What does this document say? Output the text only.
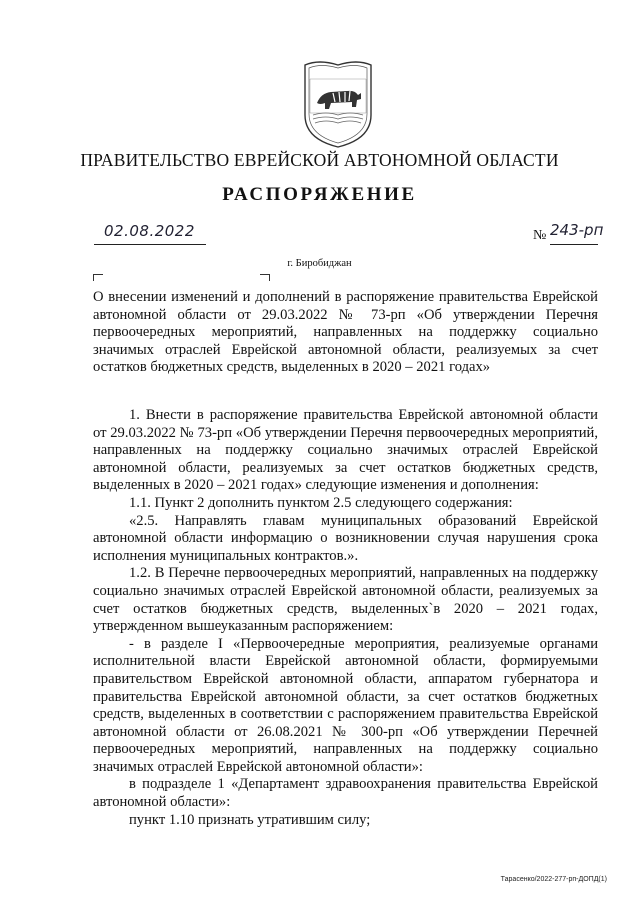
ПРАВИТЕЛЬСТВО ЕВРЕЙСКОЙ АВТОНОМНОЙ ОБЛАСТИ
РАСПОРЯЖЕНИЕ
02.08.2022	№ 243-рп
г. Биробиджан
О внесении изменений и дополнений в распоряжение правительства Еврейской автономной области от 29.03.2022 № 73-рп «Об утверждении Перечня первоочередных мероприятий, направленных на поддержку социально значимых отраслей Еврейской автономной области, реализуемых за счет остатков бюджетных средств, выделенных в 2020 – 2021 годах»

1. Внести в распоряжение правительства Еврейской автономной области от 29.03.2022 № 73-рп «Об утверждении Перечня первоочередных мероприятий, направленных на поддержку социально значимых отраслей Еврейской автономной области, реализуемых за счет остатков бюджетных средств, выделенных в 2020 – 2021 годах» следующие изменения и дополнения:

1.1. Пункт 2 дополнить пунктом 2.5 следующего содержания:

«2.5. Направлять главам муниципальных образований Еврейской автономной области информацию о возникновении случая нарушения срока исполнения муниципальных контрактов.».

1.2. В Перечне первоочередных мероприятий, направленных на поддержку социально значимых отраслей Еврейской автономной области, реализуемых за счет остатков бюджетных средств, выделенных`в 2020 – 2021 годах, утвержденном вышеуказанным распоряжением:

- в разделе I «Первоочередные мероприятия, реализуемые органами исполнительной власти Еврейской автономной области, формируемыми правительством Еврейской автономной области, аппаратом губернатора и правительства Еврейской автономной области, за счет остатков бюджетных средств, выделенных в соответствии с распоряжением правительства Еврейской автономной области от 26.08.2021 № 300-рп «Об утверждении Перечней первоочередных мероприятий, направленных на поддержку социально значимых отраслей Еврейской автономной области»:

в подразделе 1 «Департамент здравоохранения правительства Еврейской автономной области»:

пункт 1.10 признать утратившим силу;

Тарасенко/2022-277-рп-ДОПД(1)
